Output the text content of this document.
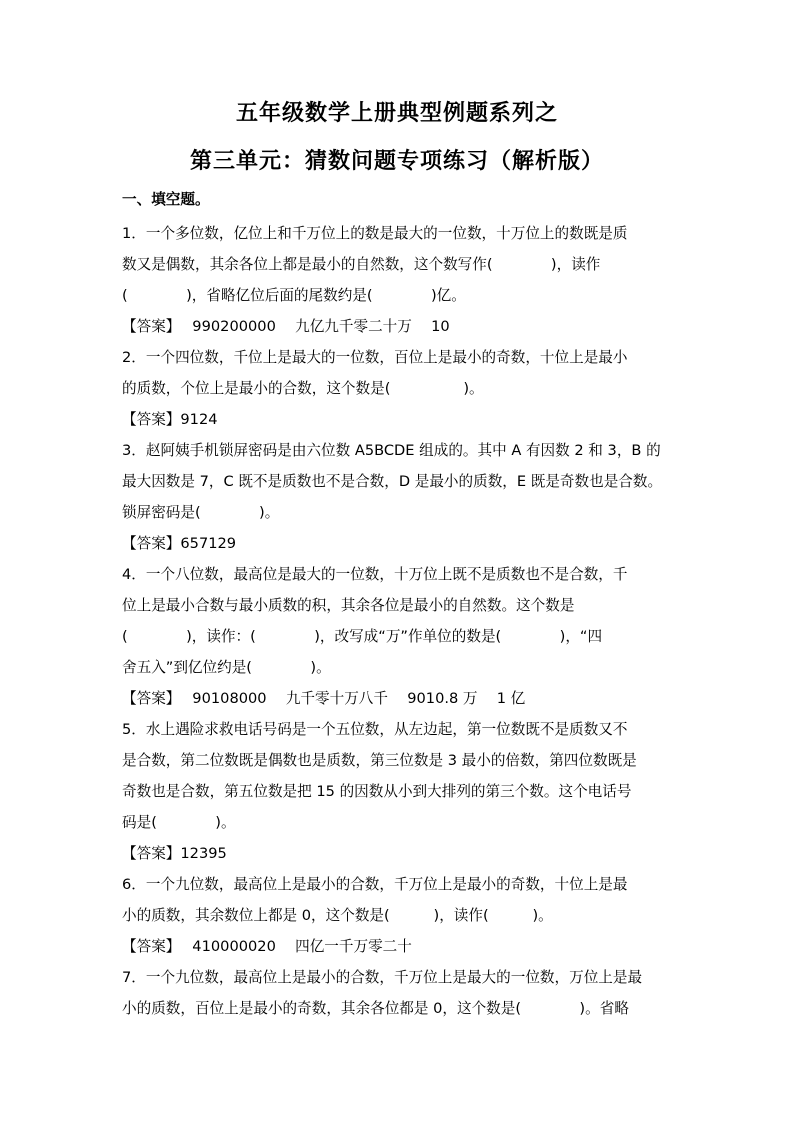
五年级数学上册典型例题系列之
第三单元：猜数问题专项练习（解析版）
一、填空题。
1．一个多位数，亿位上和千万位上的数是最大的一位数，十万位上的数既是质
数又是偶数，其余各位上都是最小的自然数，这个数写作(　　　　)，读作
(　　　　)，省略亿位后面的尾数约是(　　　　)亿。
【答案】　 990200000　 九亿九千零二十万　 10
2．一个四位数，千位上是最大的一位数，百位上是最小的奇数，十位上是最小
的质数，个位上是最小的合数，这个数是(　　　　　)。
【答案】9124
3．赵阿姨手机锁屏密码是由六位数 A5BCDE 组成的。其中 A 有因数 2 和 3，B 的
最大因数是 7，C 既不是质数也不是合数，D 是最小的质数，E 既是奇数也是合数。
锁屏密码是(　　　　)。
【答案】657129
4．一个八位数，最高位是最大的一位数，十万位上既不是质数也不是合数，千
位上是最小合数与最小质数的积，其余各位是最小的自然数。这个数是
(　　　　)，读作：(　　　　)，改写成“万”作单位的数是(　　　　)，“四
舍五入”到亿位约是(　　　　)。
【答案】　 90108000　 九千零十万八千　 9010.8 万　 1 亿
5．水上遇险求救电话号码是一个五位数，从左边起，第一位数既不是质数又不
是合数，第二位数既是偶数也是质数，第三位数是 3 最小的倍数，第四位数既是
奇数也是合数，第五位数是把 15 的因数从小到大排列的第三个数。这个电话号
码是(　　　　)。
【答案】12395
6．一个九位数，最高位上是最小的合数，千万位上是最小的奇数，十位上是最
小的质数，其余数位上都是 0，这个数是(　　　)，读作(　　　)。
【答案】　 410000020　 四亿一千万零二十
7．一个九位数，最高位上是最小的合数，千万位上是最大的一位数，万位上是最
小的质数，百位上是最小的奇数，其余各位都是 0，这个数是(　　　　)。省略
